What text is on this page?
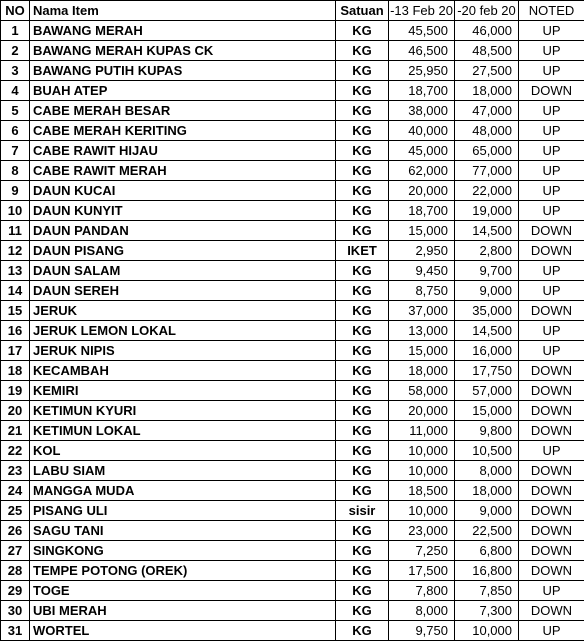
NO	Nama Item	Satuan	-13 Feb 20	-20 feb 20	NOTED
1	BAWANG MERAH	KG	45,500	46,000	UP
2	BAWANG MERAH KUPAS CK	KG	46,500	48,500	UP
3	BAWANG PUTIH KUPAS	KG	25,950	27,500	UP
4	BUAH ATEP	KG	18,700	18,000	DOWN
5	CABE MERAH BESAR	KG	38,000	47,000	UP
6	CABE MERAH KERITING	KG	40,000	48,000	UP
7	CABE RAWIT HIJAU	KG	45,000	65,000	UP
8	CABE RAWIT MERAH	KG	62,000	77,000	UP
9	DAUN KUCAI	KG	20,000	22,000	UP
10	DAUN KUNYIT	KG	18,700	19,000	UP
11	DAUN PANDAN	KG	15,000	14,500	DOWN
12	DAUN PISANG	IKET	2,950	2,800	DOWN
13	DAUN SALAM	KG	9,450	9,700	UP
14	DAUN SEREH	KG	8,750	9,000	UP
15	JERUK	KG	37,000	35,000	DOWN
16	JERUK LEMON LOKAL	KG	13,000	14,500	UP
17	JERUK NIPIS	KG	15,000	16,000	UP
18	KECAMBAH	KG	18,000	17,750	DOWN
19	KEMIRI	KG	58,000	57,000	DOWN
20	KETIMUN KYURI	KG	20,000	15,000	DOWN
21	KETIMUN LOKAL	KG	11,000	9,800	DOWN
22	KOL	KG	10,000	10,500	UP
23	LABU SIAM	KG	10,000	8,000	DOWN
24	MANGGA MUDA	KG	18,500	18,000	DOWN
25	PISANG ULI	sisir	10,000	9,000	DOWN
26	SAGU TANI	KG	23,000	22,500	DOWN
27	SINGKONG	KG	7,250	6,800	DOWN
28	TEMPE POTONG (OREK)	KG	17,500	16,800	DOWN
29	TOGE	KG	7,800	7,850	UP
30	UBI MERAH	KG	8,000	7,300	DOWN
31	WORTEL	KG	9,750	10,000	UP
